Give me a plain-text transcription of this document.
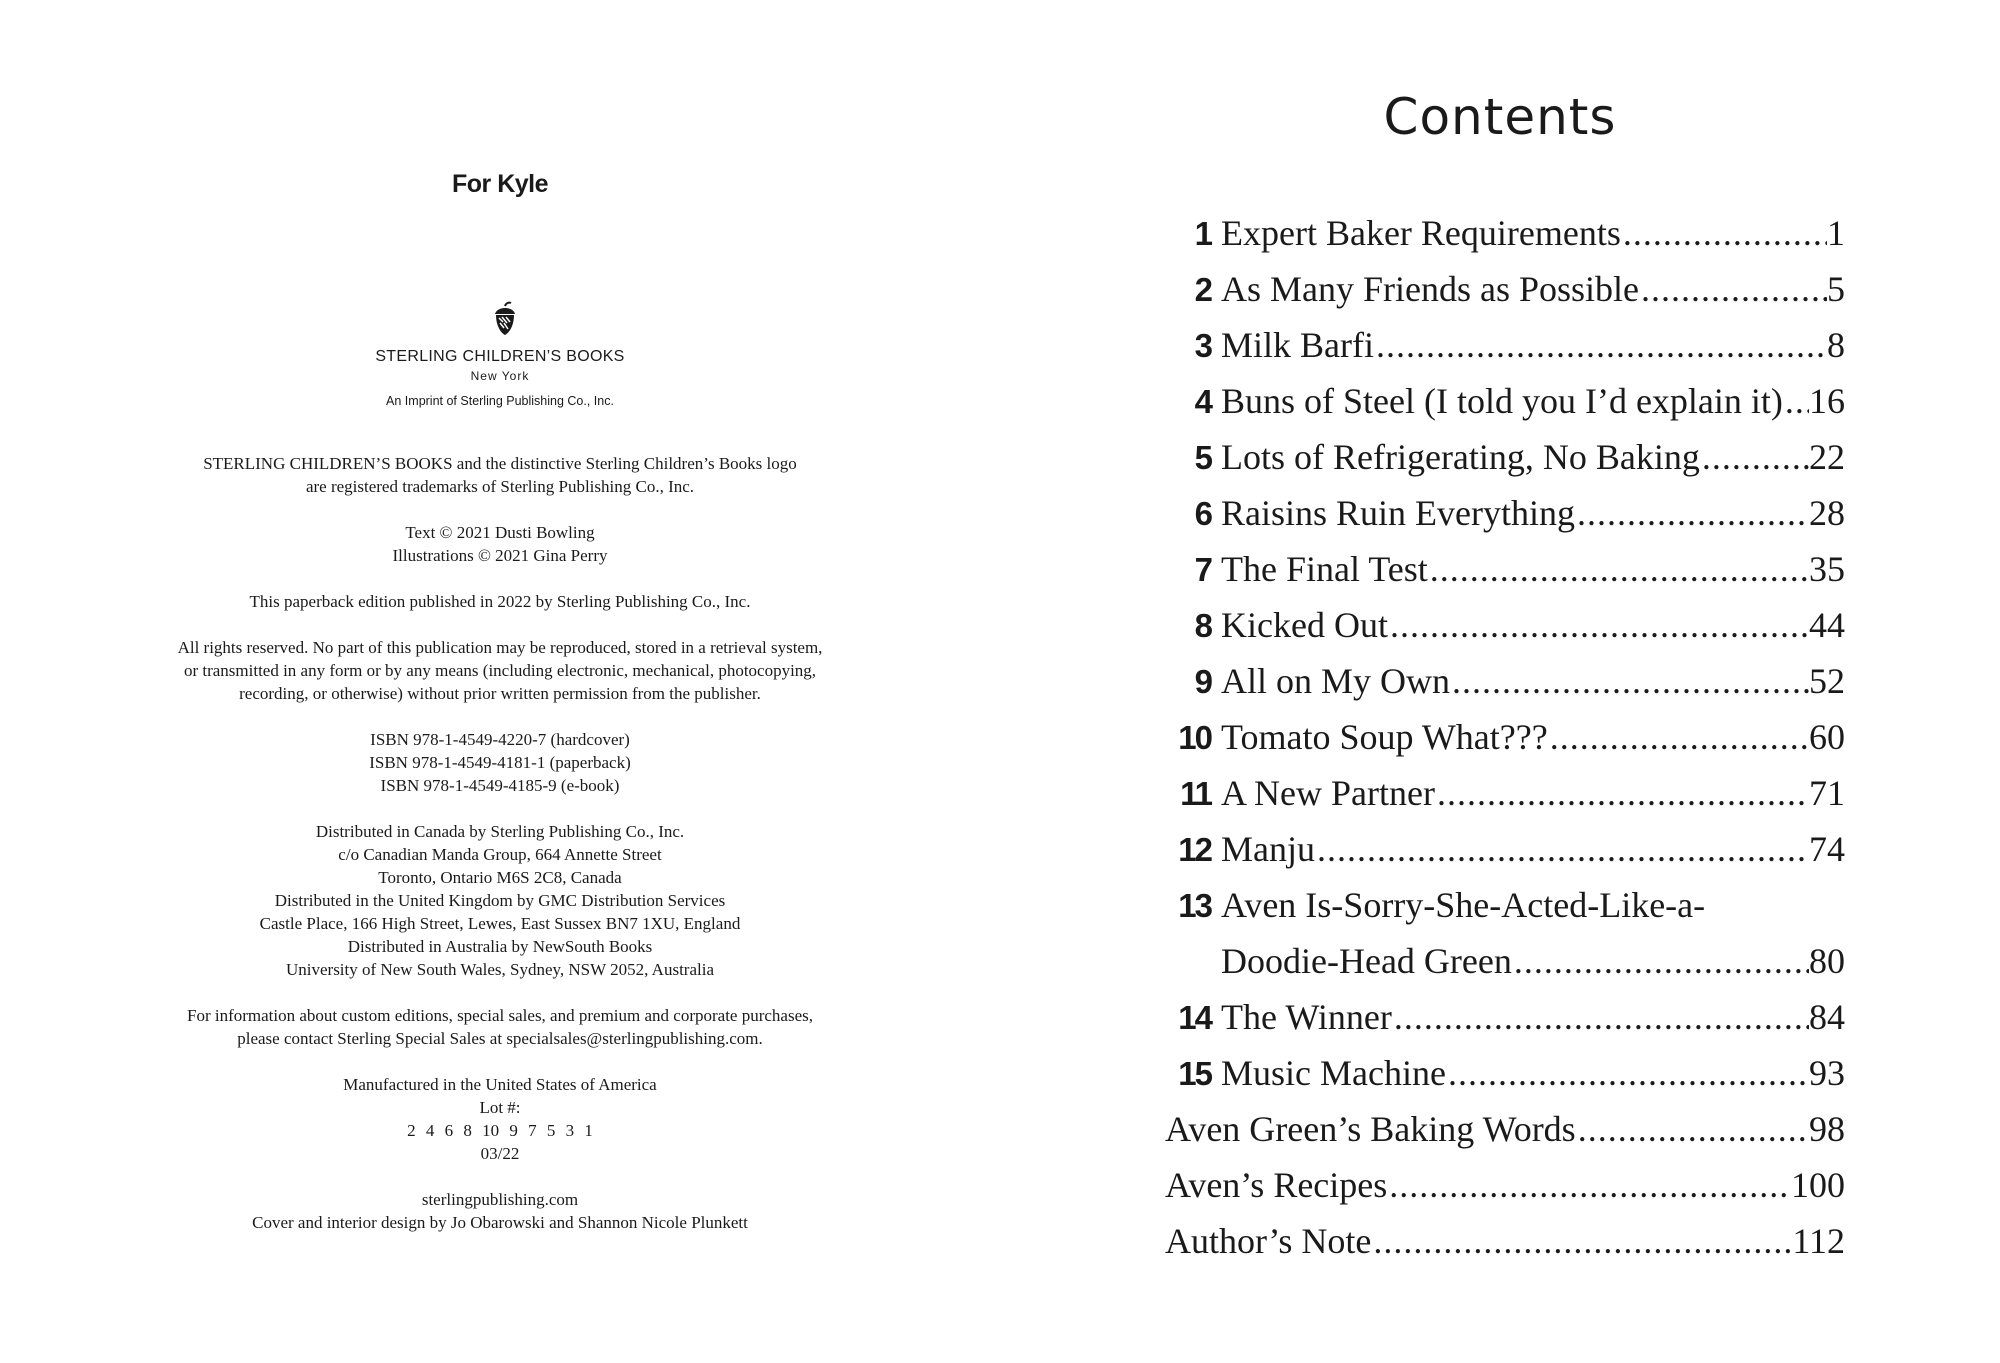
For Kyle
STERLING CHILDREN’S BOOKS
New York
An Imprint of Sterling Publishing Co., Inc.

STERLING CHILDREN’S BOOKS and the distinctive Sterling Children’s Books logo
are registered trademarks of Sterling Publishing Co., Inc.

Text © 2021 Dusti Bowling
Illustrations © 2021 Gina Perry

This paperback edition published in 2022 by Sterling Publishing Co., Inc.

All rights reserved. No part of this publication may be reproduced, stored in a retrieval system,
or transmitted in any form or by any means (including electronic, mechanical, photocopying,
recording, or otherwise) without prior written permission from the publisher.

ISBN 978-1-4549-4220-7 (hardcover)
ISBN 978-1-4549-4181-1 (paperback)
ISBN 978-1-4549-4185-9 (e-book)

Distributed in Canada by Sterling Publishing Co., Inc.
c/o Canadian Manda Group, 664 Annette Street
Toronto, Ontario M6S 2C8, Canada
Distributed in the United Kingdom by GMC Distribution Services
Castle Place, 166 High Street, Lewes, East Sussex BN7 1XU, England
Distributed in Australia by NewSouth Books
University of New South Wales, Sydney, NSW 2052, Australia

For information about custom editions, special sales, and premium and corporate purchases,
please contact Sterling Special Sales at specialsales@sterlingpublishing.com.

Manufactured in the United States of America
Lot #:
2 4 6 8 10 9 7 5 3 1
03/22

sterlingpublishing.com
Cover and interior design by Jo Obarowski and Shannon Nicole Plunkett

Contents
1 Expert Baker Requirements .....	1
2 As Many Friends as Possible .....	5
3 Milk Barfi .....	8
4 Buns of Steel (I told you I’d explain it) ..... 16
5 Lots of Refrigerating, No Baking .....	22
6 Raisins Ruin Everything .....	28
7 The Final Test .....	35
8 Kicked Out .....	44
9 All on My Own .....	52
10 Tomato Soup What??? .....	60
11 A New Partner .....	71
12 Manju .....	74
13 Aven Is-Sorry-She-Acted-Like-a-
Doodie-Head Green .....	80
14 The Winner .....	84
15 Music Machine .....	93
Aven Green’s Baking Words .....	98
Aven’s Recipes .....	100
Author’s Note .....	112
